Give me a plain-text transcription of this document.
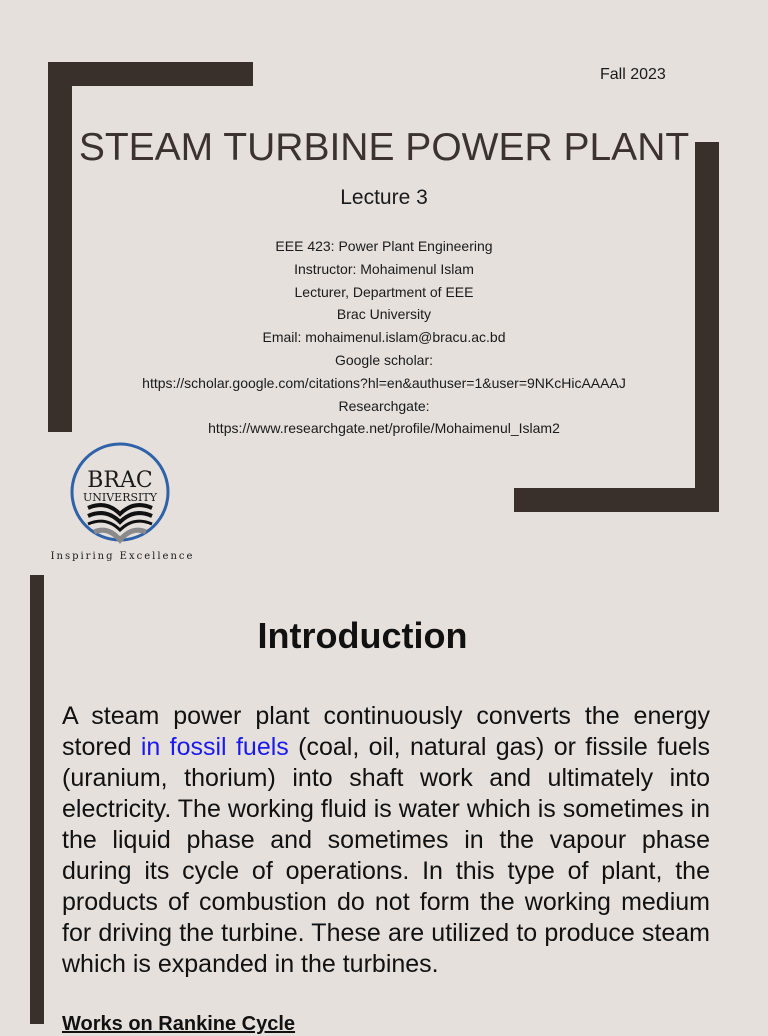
Fall 2023
STEAM TURBINE POWER PLANT
Lecture 3
EEE 423: Power Plant Engineering
Instructor: Mohaimenul Islam
Lecturer, Department of EEE
Brac University
Email: mohaimenul.islam@bracu.ac.bd
Google scholar:
https://scholar.google.com/citations?hl=en&authuser=1&user=9NKcHicAAAAJ
Researchgate:
https://www.researchgate.net/profile/Mohaimenul_Islam2
BRAC
UNIVERSITY
Inspiring Excellence
Introduction
A steam power plant continuously converts the energy stored in fossil fuels (coal, oil, natural gas) or fissile fuels (uranium, thorium) into shaft work and ultimately into electricity. The working fluid is water which is sometimes in the liquid phase and sometimes in the vapour phase during its cycle of operations. In this type of plant, the products of combustion do not form the working medium for driving the turbine. These are utilized to produce steam which is expanded in the turbines.
Works on Rankine Cycle
